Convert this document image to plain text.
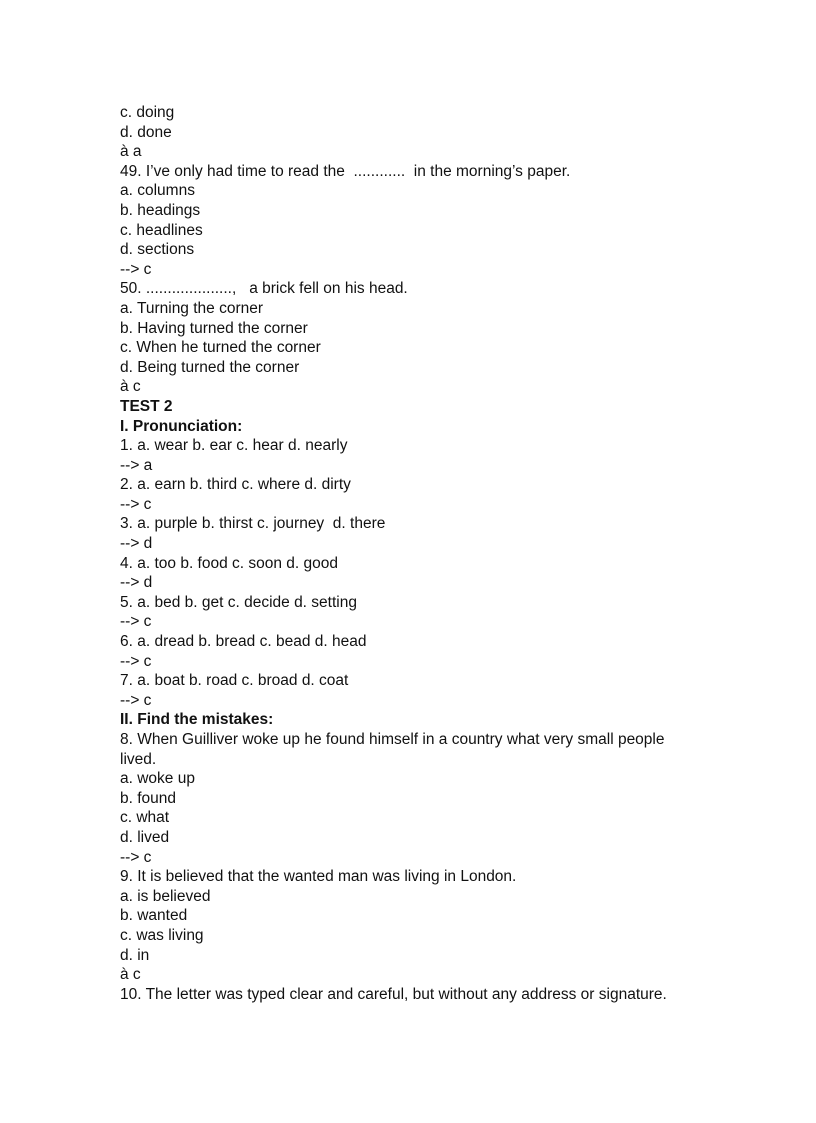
c. doing

d. done

à a

49. I’ve only had time to read the  ............  in the morning’s paper.

a. columns

b. headings

c. headlines

d. sections

--> c

50. ....................,   a brick fell on his head.

a. Turning the corner

b. Having turned the corner

c. When he turned the corner

d. Being turned the corner

à c

TEST 2

I. Pronunciation:

1. a. wear b. ear c. hear d. nearly

--> a

2. a. earn b. third c. where d. dirty

--> c

3. a. purple b. thirst c. journey  d. there

--> d

4. a. too b. food c. soon d. good

--> d

5. a. bed b. get c. decide d. setting

--> c

6. a. dread b. bread c. bead d. head

--> c

7. a. boat b. road c. broad d. coat

--> c

II. Find the mistakes:

8. When Guilliver woke up he found himself in a country what very small people lived.

a. woke up

b. found

c. what

d. lived

--> c

9. It is believed that the wanted man was living in London.

a. is believed

b. wanted

c. was living

d. in

à c

10. The letter was typed clear and careful, but without any address or signature.
